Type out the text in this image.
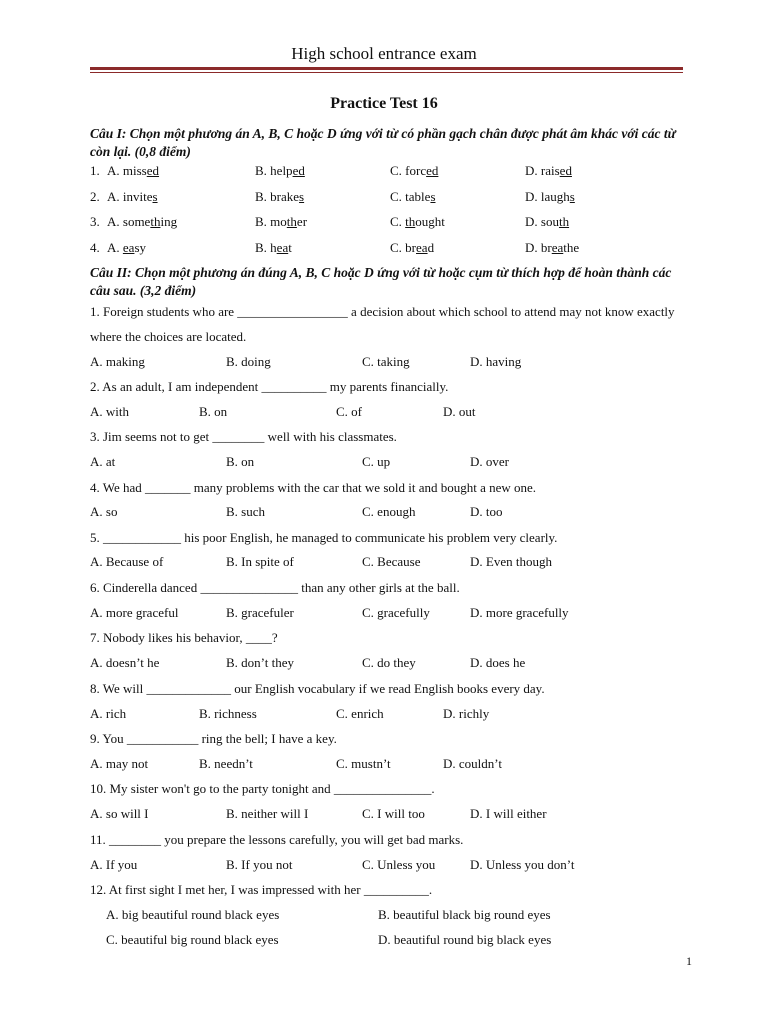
High school entrance exam
Practice Test 16
Câu I: Chọn một phương án A, B, C hoặc D ứng với từ có phần gạch chân được phát âm khác với các từ còn lại. (0,8 điểm)
1. A. missed	B. helped	C. forced	D. raised
2. A. invites	B. brakes	C. tables	D. laughs
3. A. something	B. mother	C. thought	D. south
4. A. easy	B. heat	C. bread	D. breathe
Câu II: Chọn một phương án đúng A, B, C hoặc D ứng với từ hoặc cụm từ thích hợp để hoàn thành các câu sau. (3,2 điểm)
1. Foreign students who are _________________ a decision about which school to attend may not know exactly where the choices are located.
A. making	B. doing	C. taking	D. having
2. As an adult, I am independent __________ my parents financially.
A. with	B. on	C. of	D. out
3. Jim seems not to get ________ well with his classmates.
A. at	B. on	C. up	D. over
4. We had _______ many problems with the car that we sold it and bought a new one.
A. so	B. such	C. enough	D. too
5. ____________ his poor English, he managed to communicate his problem very clearly.
A. Because of	B. In spite of	C. Because	D. Even though
6. Cinderella danced _______________ than any other girls at the ball.
A. more graceful	B. gracefuler	C. gracefully	D. more gracefully
7. Nobody likes his behavior, ____?
A. doesn’t he	B. don’t they	C. do they	D. does he
8. We will _____________ our English vocabulary if we read English books every day.
A. rich	B. richness	C. enrich	D. richly
9. You ___________ ring the bell; I have a key.
A. may not	B. needn’t	C. mustn’t	D. couldn’t
10. My sister won't go to the party tonight and _______________.
A. so will I	B. neither will I	C. I will too	D. I will either
11. ________ you prepare the lessons carefully, you will get bad marks.
A. If you	B. If you not	C. Unless you	D. Unless you don’t
12. At first sight I met her, I was impressed with her __________.
A. big beautiful round black eyes	B. beautiful black big round eyes
C. beautiful big round black eyes	D. beautiful round big black eyes
1
